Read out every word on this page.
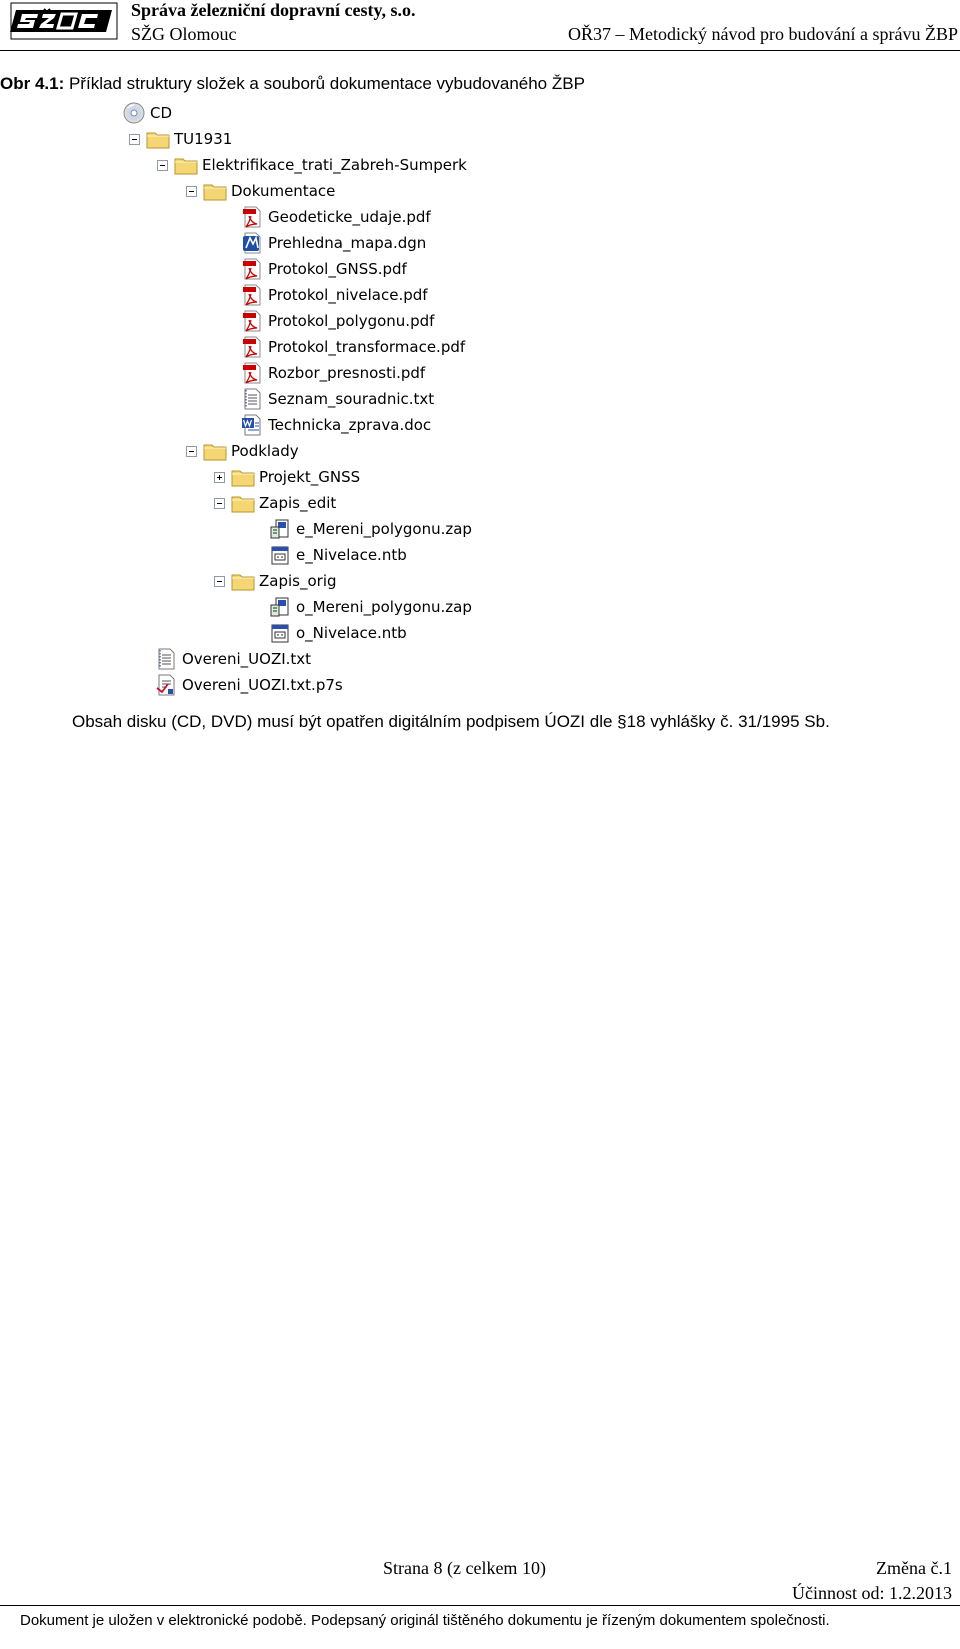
Správa železniční dopravní cesty, s.o.
SŽG Olomouc	OŘ37 – Metodický návod pro budování a správu ŽBP
Obr 4.1: Příklad struktury složek a souborů dokumentace vybudovaného ŽBP
CD
TU1931
Elektrifikace_trati_Zabreh-Sumperk
Dokumentace
Geodeticke_udaje.pdf
Prehledna_mapa.dgn
Protokol_GNSS.pdf
Protokol_nivelace.pdf
Protokol_polygonu.pdf
Protokol_transformace.pdf
Rozbor_presnosti.pdf
Seznam_souradnic.txt
Technicka_zprava.doc
Podklady
Projekt_GNSS
Zapis_edit
e_Mereni_polygonu.zap
e_Nivelace.ntb
Zapis_orig
o_Mereni_polygonu.zap
o_Nivelace.ntb
Overeni_UOZI.txt
Overeni_UOZI.txt.p7s
Obsah disku (CD, DVD) musí být opatřen digitálním podpisem ÚOZI dle §18 vyhlášky č. 31/1995 Sb.
Strana 8 (z celkem 10)	Změna č.1
Účinnost od: 1.2.2013
Dokument je uložen v elektronické podobě. Podepsaný originál tištěného dokumentu je řízeným dokumentem společnosti.
